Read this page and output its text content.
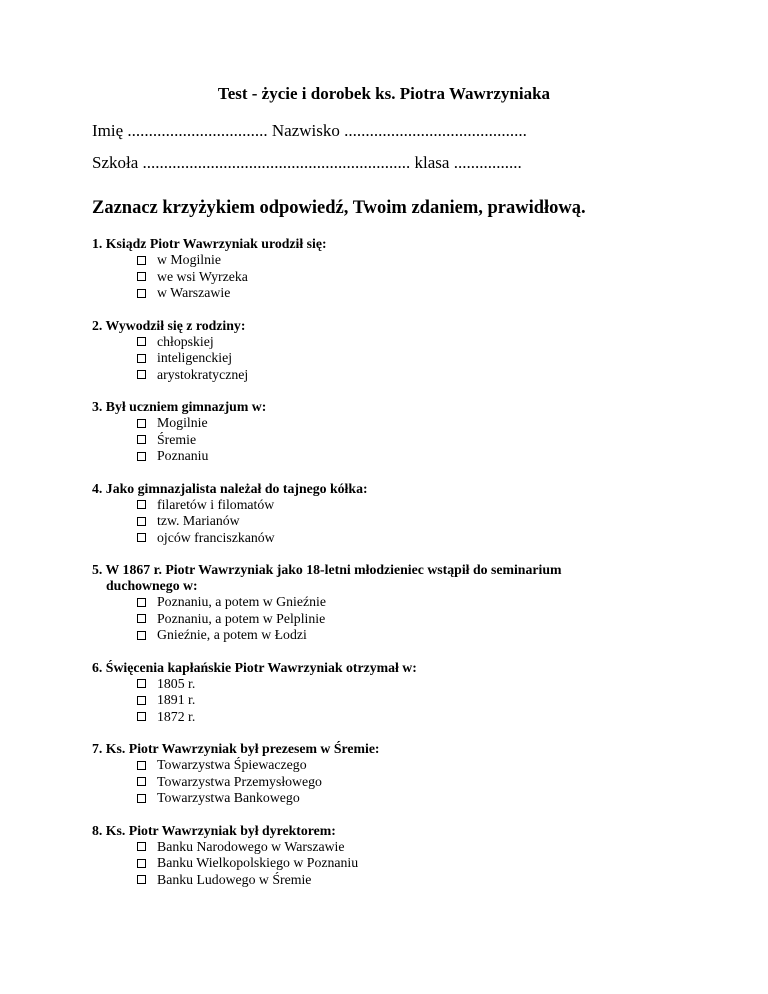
Test - życie i dorobek ks. Piotra Wawrzyniaka
Imię ................................. Nazwisko ...........................................
Szkoła ............................................................... klasa ................
Zaznacz krzyżykiem odpowiedź, Twoim zdaniem, prawidłową.
1. Ksiądz Piotr Wawrzyniak urodził się:
w Mogilnie
we wsi Wyrzeka
w Warszawie
2. Wywodził się z rodziny:
chłopskiej
inteligenckiej
arystokratycznej
3. Był uczniem gimnazjum w:
Mogilnie
Śremie
Poznaniu
4. Jako gimnazjalista należał do tajnego kółka:
filaretów i filomatów
tzw. Marianów
ojców franciszkanów
5. W 1867 r. Piotr Wawrzyniak jako 18-letni młodzieniec wstąpił do seminarium
duchownego w:
Poznaniu, a potem w Gnieźnie
Poznaniu, a potem w Pelplinie
Gnieźnie, a potem w Łodzi
6. Święcenia kapłańskie Piotr Wawrzyniak otrzymał w:
1805 r.
1891 r.
1872 r.
7. Ks. Piotr Wawrzyniak był prezesem w Śremie:
Towarzystwa Śpiewaczego
Towarzystwa Przemysłowego
Towarzystwa Bankowego
8. Ks. Piotr Wawrzyniak był dyrektorem:
Banku Narodowego w Warszawie
Banku Wielkopolskiego w Poznaniu
Banku Ludowego w Śremie
